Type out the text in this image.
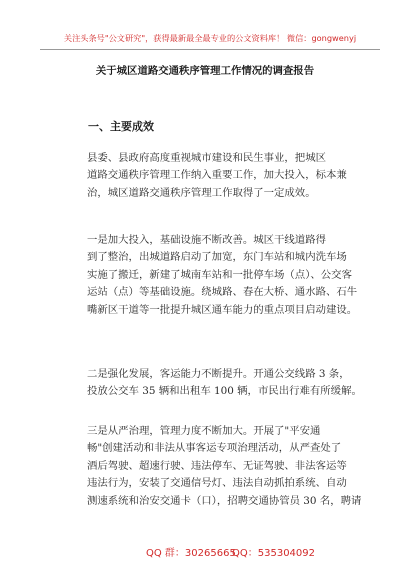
关注头条号"公文研究"，获得最新最全最专业的公文资料库！ 微信：gongwenyj
关于城区道路交通秩序管理工作情况的调查报告
一、主要成效
县委、县政府高度重视城市建设和民生事业，把城区
道路交通秩序管理工作纳入重要工作，加大投入，标本兼
治，城区道路交通秩序管理工作取得了一定成效。
一是加大投入，基础设施不断改善。城区干线道路得
到了整治，出城道路启动了加宽，东门车站和城内洗车场
实施了搬迁，新建了城南车站和一批停车场（点）、公交客
运站（点）等基础设施。绕城路、春在大桥、通水路、石牛
嘴新区干道等一批提升城区通车能力的重点项目启动建设。
二是强化发展，客运能力不断提升。开通公交线路 3 条，
投放公交车 35 辆和出租车 100 辆，市民出行难有所缓解。
三是从严治理，管理力度不断加大。开展了"平安通
畅"创建活动和非法从事客运专项治理活动，从严查处了
酒后驾驶、超速行驶、违法停车、无证驾驶、非法客运等
违法行为，安装了交通信号灯、违法自动抓拍系统、自动
测速系统和治安交通卡（口），招聘交通协管员 30 名，聘请
QQ 群：30265665
QQ：535304092
